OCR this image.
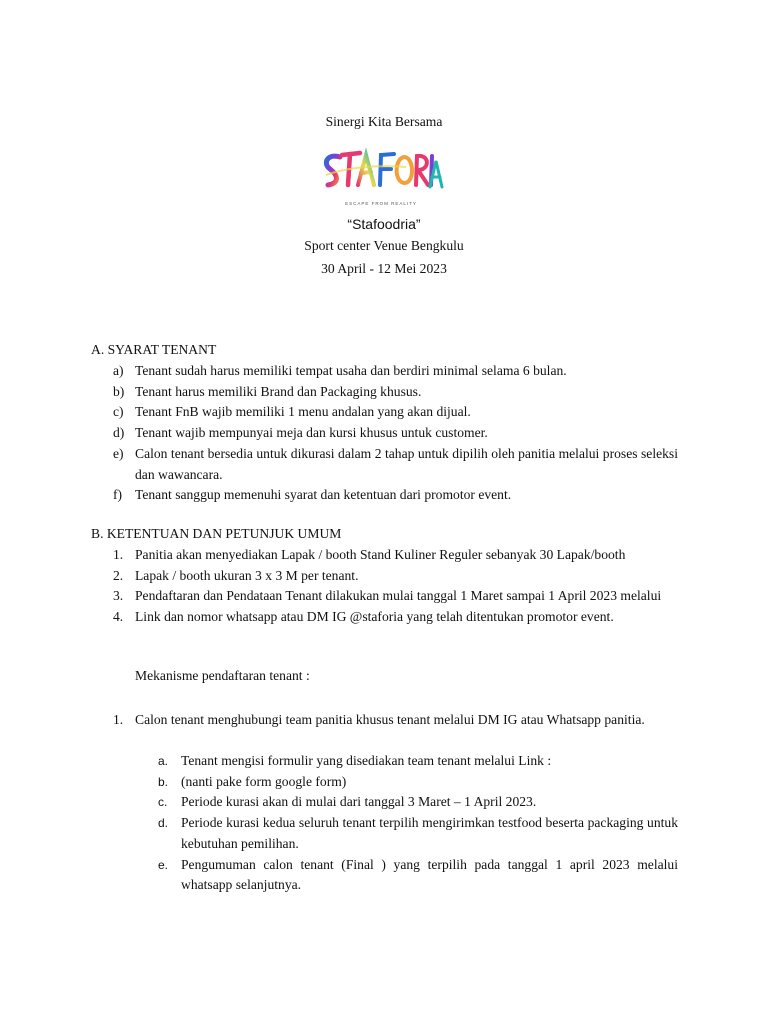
Sinergi Kita Bersama
ESCAPE FROM REALITY
“Stafoodria”
Sport center Venue Bengkulu
30 April - 12 Mei 2023
A. SYARAT TENANT
a) Tenant sudah harus memiliki tempat usaha dan berdiri minimal selama 6 bulan.
b) Tenant harus memiliki Brand dan Packaging khusus.
c) Tenant FnB wajib memiliki 1 menu andalan yang akan dijual.
d) Tenant wajib mempunyai meja dan kursi khusus untuk customer.
e) Calon tenant bersedia untuk dikurasi dalam 2 tahap untuk dipilih oleh panitia melalui proses seleksi dan wawancara.
f) Tenant sanggup memenuhi syarat dan ketentuan dari promotor event.
B. KETENTUAN DAN PETUNJUK UMUM
1. Panitia akan menyediakan Lapak / booth Stand Kuliner Reguler sebanyak 30 Lapak/booth
2. Lapak / booth ukuran 3 x 3 M per tenant.
3. Pendaftaran dan Pendataan Tenant dilakukan mulai tanggal 1 Maret sampai 1 April 2023 melalui
4. Link dan nomor whatsapp atau DM IG @staforia yang telah ditentukan promotor event.
Mekanisme pendaftaran tenant :
1. Calon tenant menghubungi team panitia khusus tenant melalui DM IG atau Whatsapp panitia.
a. Tenant mengisi formulir yang disediakan team tenant melalui Link :
b. (nanti pake form google form)
c. Periode kurasi akan di mulai dari tanggal 3 Maret – 1 April 2023.
d. Periode kurasi kedua seluruh tenant terpilih mengirimkan testfood beserta packaging untuk kebutuhan pemilihan.
e. Pengumuman calon tenant (Final ) yang terpilih pada tanggal 1 april 2023 melalui whatsapp selanjutnya.
